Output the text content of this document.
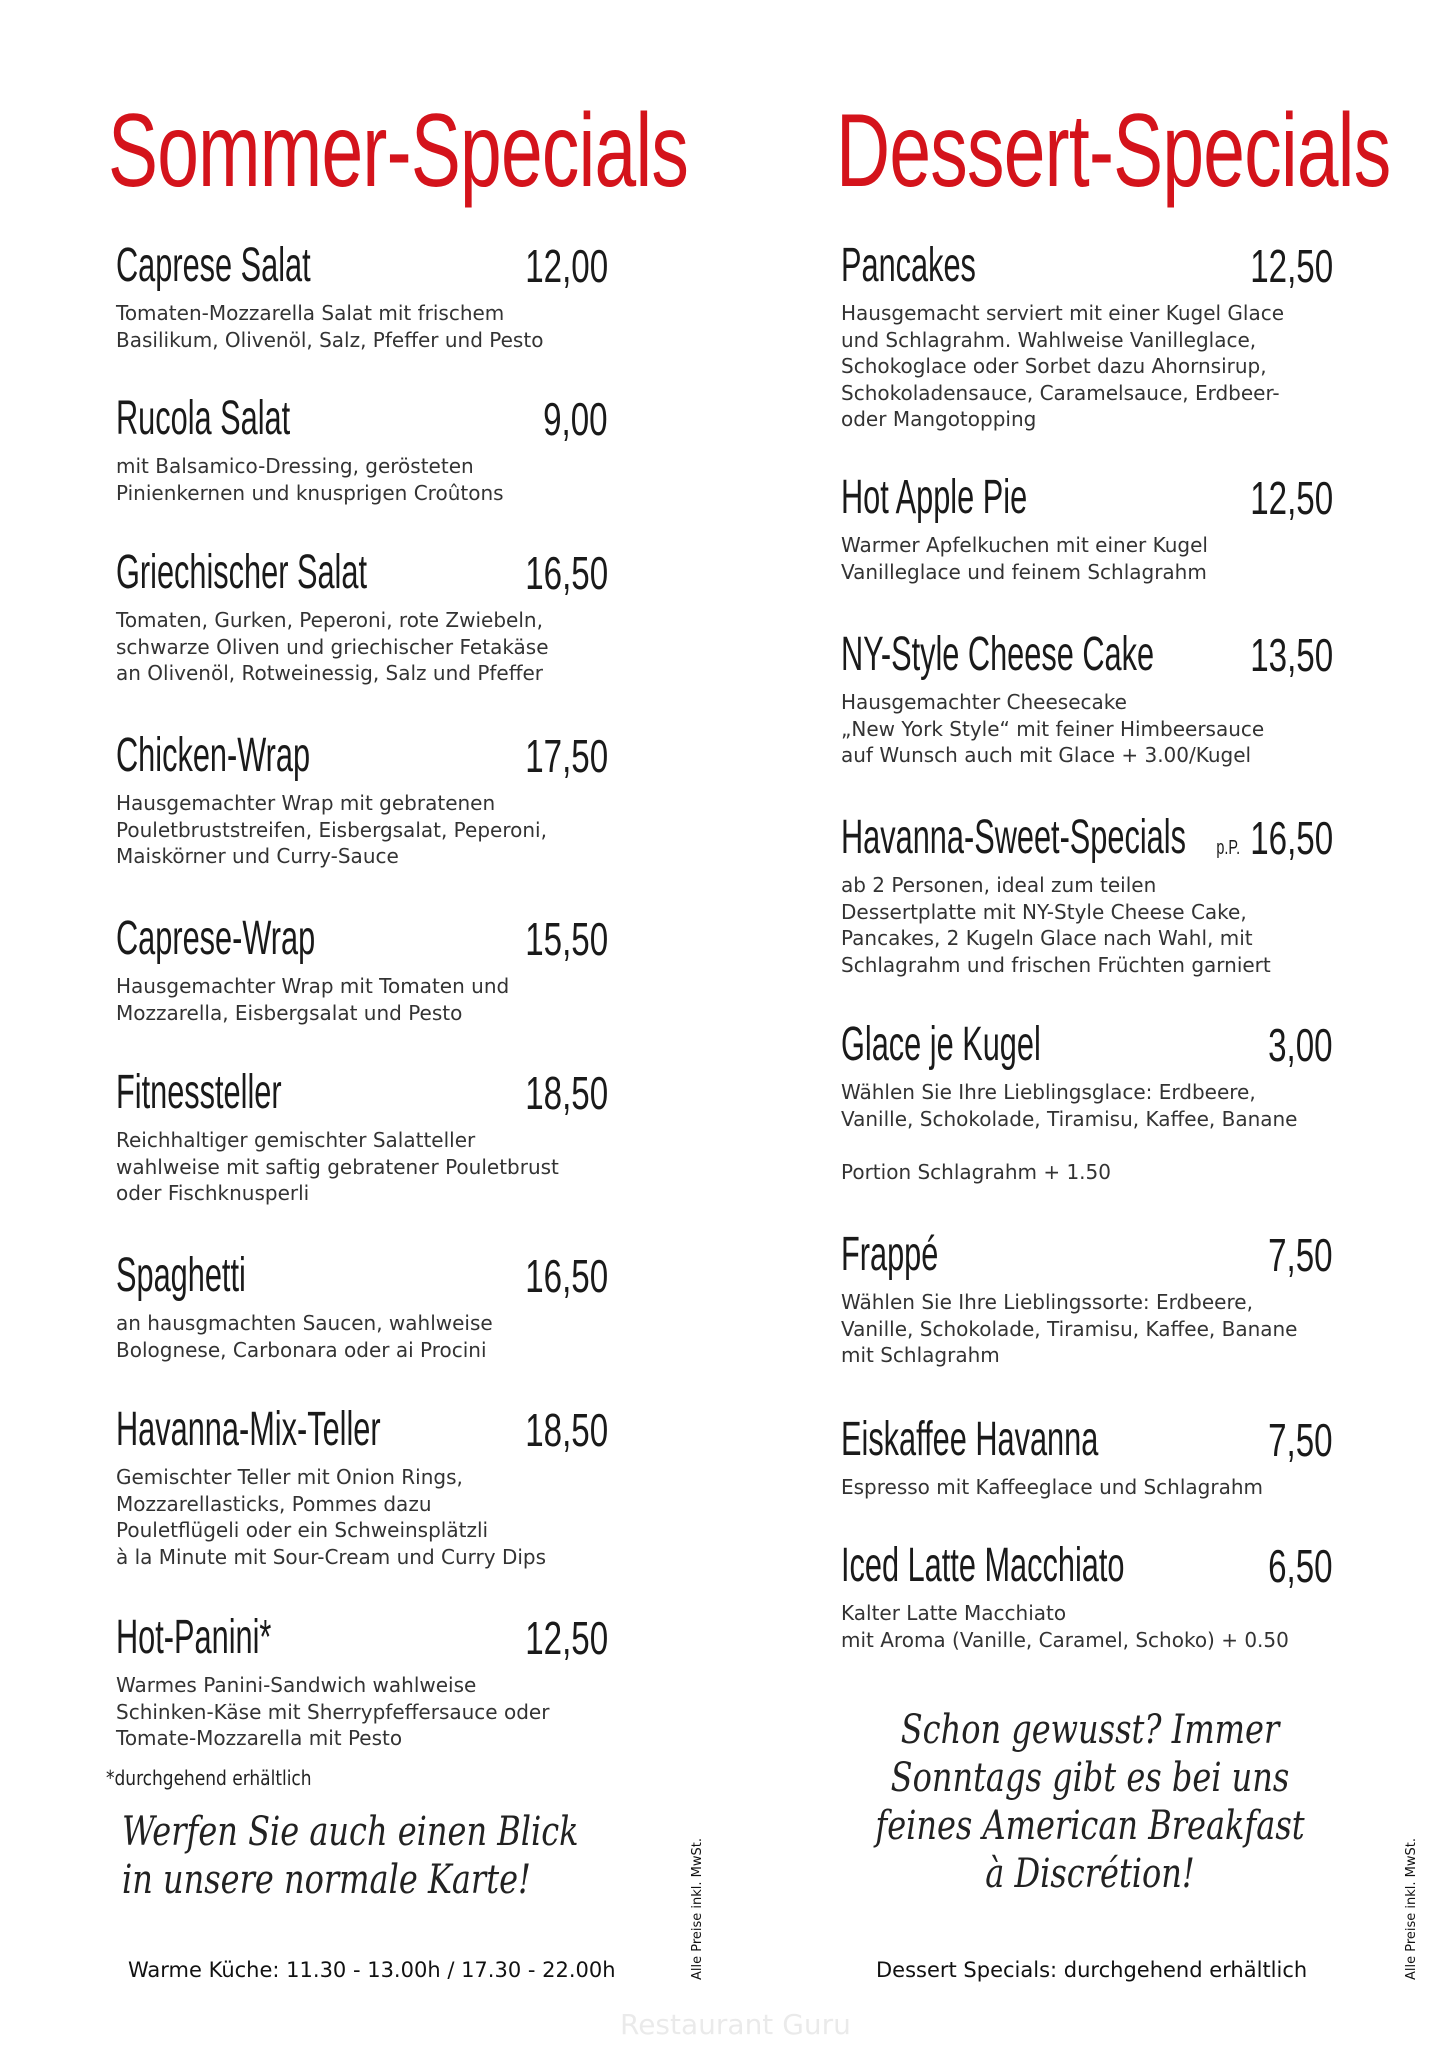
Restaurant Guru
Sommer-Specials Dessert-Specials
Caprese Salat	12,00
Tomaten-Mozzarella Salat mit frischem
Basilikum, Olivenöl, Salz, Pfeffer und Pesto
Rucola Salat	9,00
mit Balsamico-Dressing, gerösteten
Pinienkernen und knusprigen Croûtons
Griechischer Salat	16,50
Tomaten, Gurken, Peperoni, rote Zwiebeln,
schwarze Oliven und griechischer Fetakäse
an Olivenöl, Rotweinessig, Salz und Pfeffer
Chicken-Wrap	17,50
Hausgemachter Wrap mit gebratenen
Pouletbruststreifen, Eisbergsalat, Peperoni,
Maiskörner und Curry-Sauce
Caprese-Wrap	15,50
Hausgemachter Wrap mit Tomaten und
Mozzarella, Eisbergsalat und Pesto
Fitnessteller	18,50
Reichhaltiger gemischter Salatteller
wahlweise mit saftig gebratener Pouletbrust
oder Fischknusperli
Spaghetti	16,50
an hausgmachten Saucen, wahlweise
Bolognese, Carbonara oder ai Procini
Havanna-Mix-Teller	18,50
Gemischter Teller mit Onion Rings,
Mozzarellasticks, Pommes dazu
Pouletflügeli oder ein Schweinsplätzli
à la Minute mit Sour-Cream und Curry Dips
Hot-Panini*	12,50
Warmes Panini-Sandwich wahlweise
Schinken-Käse mit Sherrypfeffersauce oder
Tomate-Mozzarella mit Pesto
Pancakes	12,50
Hausgemacht serviert mit einer Kugel Glace
und Schlagrahm. Wahlweise Vanilleglace,
Schokoglace oder Sorbet dazu Ahornsirup,
Schokoladensauce, Caramelsauce, Erdbeer-
oder Mangotopping
Hot Apple Pie	12,50
Warmer Apfelkuchen mit einer Kugel
Vanilleglace und feinem Schlagrahm
NY-Style Cheese Cake 13,50
Hausgemachter Cheesecake
„New York Style“ mit feiner Himbeersauce
auf Wunsch auch mit Glace + 3.00/Kugel
Havanna-Sweet-Specials p.P. 16,50
ab 2 Personen, ideal zum teilen
Dessertplatte mit NY-Style Cheese Cake,
Pancakes, 2 Kugeln Glace nach Wahl, mit
Schlagrahm und frischen Früchten garniert
Glace je Kugel	3,00
Wählen Sie Ihre Lieblingsglace: Erdbeere,
Vanille, Schokolade, Tiramisu, Kaffee, Banane

Portion Schlagrahm + 1.50
Frappé	7,50
Wählen Sie Ihre Lieblingssorte: Erdbeere,
Vanille, Schokolade, Tiramisu, Kaffee, Banane
mit Schlagrahm
Eiskaffee Havanna	7,50
Espresso mit Kaffeeglace und Schlagrahm
Iced Latte Macchiato	6,50
Kalter Latte Macchiato
mit Aroma (Vanille, Caramel, Schoko) + 0.50
*durchgehend erhältlich
Werfen Sie auch einen Blick
in unsere normale Karte!
Schon gewusst? Immer
Sonntags gibt es bei uns
feines American Breakfast
à Discrétion!
Warme Küche: 11.30 - 13.00h / 17.30 - 22.00h	Dessert Specials: durchgehend erhältlich
Alle Preise inkl. MwSt.	Alle Preise inkl. MwSt.
